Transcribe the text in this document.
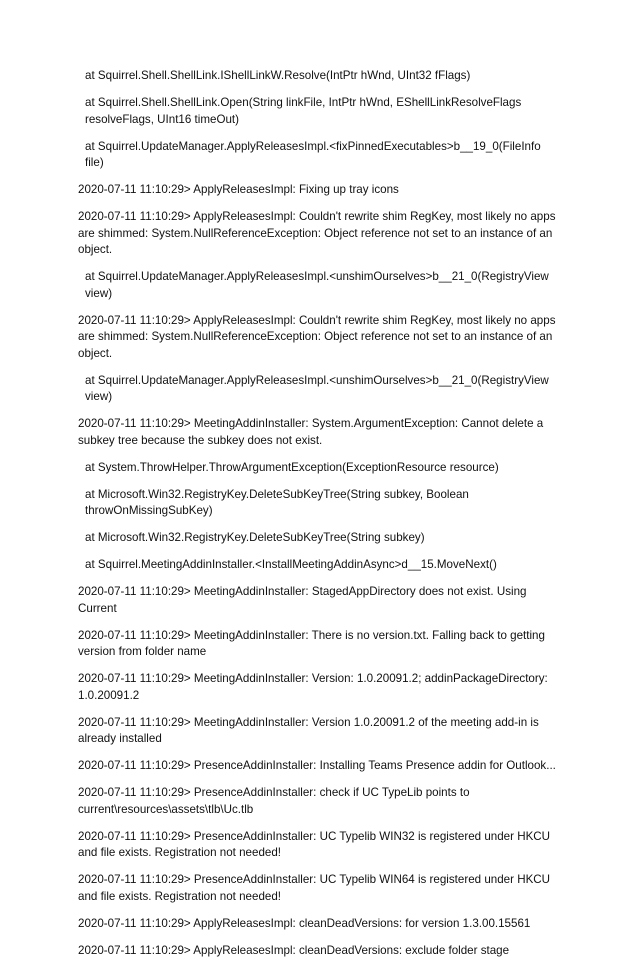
at Squirrel.Shell.ShellLink.IShellLinkW.Resolve(IntPtr hWnd, UInt32 fFlags)

at Squirrel.Shell.ShellLink.Open(String linkFile, IntPtr hWnd, EShellLinkResolveFlags resolveFlags, UInt16 timeOut)

at Squirrel.UpdateManager.ApplyReleasesImpl.<fixPinnedExecutables>b__19_0(FileInfo file)

2020-07-11 11:10:29> ApplyReleasesImpl: Fixing up tray icons

2020-07-11 11:10:29> ApplyReleasesImpl: Couldn't rewrite shim RegKey, most likely no apps are shimmed: System.NullReferenceException: Object reference not set to an instance of an object.

at Squirrel.UpdateManager.ApplyReleasesImpl.<unshimOurselves>b__21_0(RegistryView view)

2020-07-11 11:10:29> ApplyReleasesImpl: Couldn't rewrite shim RegKey, most likely no apps are shimmed: System.NullReferenceException: Object reference not set to an instance of an object.

at Squirrel.UpdateManager.ApplyReleasesImpl.<unshimOurselves>b__21_0(RegistryView view)

2020-07-11 11:10:29> MeetingAddinInstaller: System.ArgumentException: Cannot delete a subkey tree because the subkey does not exist.

at System.ThrowHelper.ThrowArgumentException(ExceptionResource resource)

at Microsoft.Win32.RegistryKey.DeleteSubKeyTree(String subkey, Boolean throwOnMissingSubKey)

at Microsoft.Win32.RegistryKey.DeleteSubKeyTree(String subkey)

at Squirrel.MeetingAddinInstaller.<InstallMeetingAddinAsync>d__15.MoveNext()

2020-07-11 11:10:29> MeetingAddinInstaller: StagedAppDirectory does not exist. Using Current

2020-07-11 11:10:29> MeetingAddinInstaller: There is no version.txt. Falling back to getting version from folder name

2020-07-11 11:10:29> MeetingAddinInstaller: Version: 1.0.20091.2; addinPackageDirectory: 1.0.20091.2

2020-07-11 11:10:29> MeetingAddinInstaller: Version 1.0.20091.2 of the meeting add-in is already installed

2020-07-11 11:10:29> PresenceAddinInstaller: Installing Teams Presence addin for Outlook...

2020-07-11 11:10:29> PresenceAddinInstaller: check if UC TypeLib points to current\resources\assets\tlb\Uc.tlb

2020-07-11 11:10:29> PresenceAddinInstaller: UC Typelib WIN32 is registered under HKCU and file exists. Registration not needed!

2020-07-11 11:10:29> PresenceAddinInstaller: UC Typelib WIN64 is registered under HKCU and file exists. Registration not needed!

2020-07-11 11:10:29> ApplyReleasesImpl: cleanDeadVersions: for version 1.3.00.15561

2020-07-11 11:10:29> ApplyReleasesImpl: cleanDeadVersions: exclude folder stage
